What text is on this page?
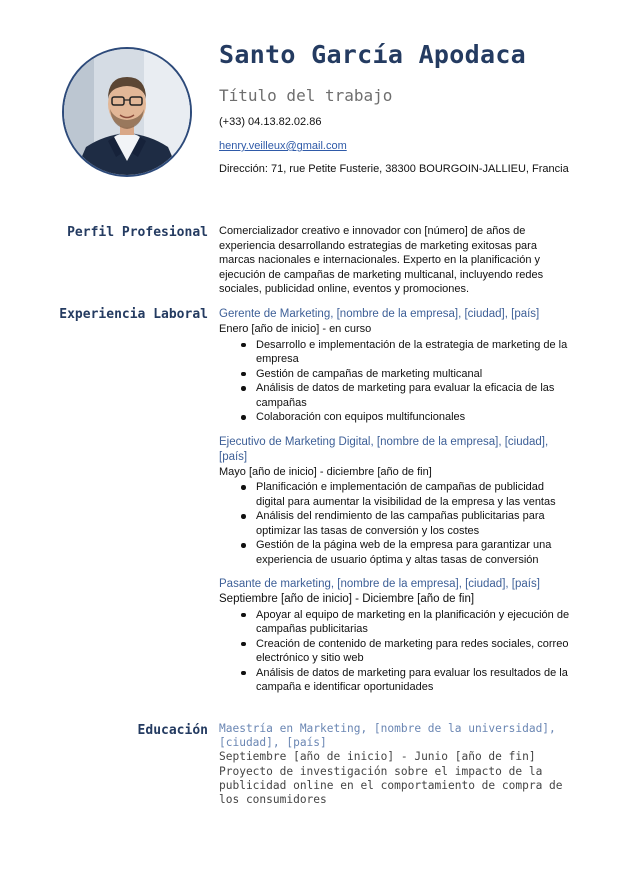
Santo García Apodaca
Título del trabajo
(+33) 04.13.82.02.86
henry.veilleux@gmail.com
Dirección: 71, rue Petite Fusterie, 38300 BOURGOIN-JALLIEU, Francia
Perfil Profesional Comercializador creativo e innovador con [número] de años de experiencia desarrollando estrategias de marketing exitosas para marcas nacionales e internacionales. Experto en la planificación y ejecución de campañas de marketing multicanal, incluyendo redes sociales, publicidad online, eventos y promociones.
Experiencia Laboral Gerente de Marketing, [nombre de la empresa], [ciudad], [país]
Enero [año de inicio] - en curso
Desarrollo e implementación de la estrategia de marketing de la empresa
Gestión de campañas de marketing multicanal
Análisis de datos de marketing para evaluar la eficacia de las campañas
Colaboración con equipos multifuncionales
Ejecutivo de Marketing Digital, [nombre de la empresa], [ciudad], [país]
Mayo [año de inicio] - diciembre [año de fin]
Planificación e implementación de campañas de publicidad digital para aumentar la visibilidad de la empresa y las ventas
Análisis del rendimiento de las campañas publicitarias para optimizar las tasas de conversión y los costes
Gestión de la página web de la empresa para garantizar una experiencia de usuario óptima y altas tasas de conversión
Pasante de marketing, [nombre de la empresa], [ciudad], [país]
Septiembre [año de inicio] - Diciembre [año de fin]
Apoyar al equipo de marketing en la planificación y ejecución de campañas publicitarias
Creación de contenido de marketing para redes sociales, correo electrónico y sitio web
Análisis de datos de marketing para evaluar los resultados de la campaña e identificar oportunidades
Educación Maestría en Marketing, [nombre de la universidad], [ciudad], [país]
Septiembre [año de inicio] - Junio [año de fin]
Proyecto de investigación sobre el impacto de la publicidad online en el comportamiento de compra de los consumidores
